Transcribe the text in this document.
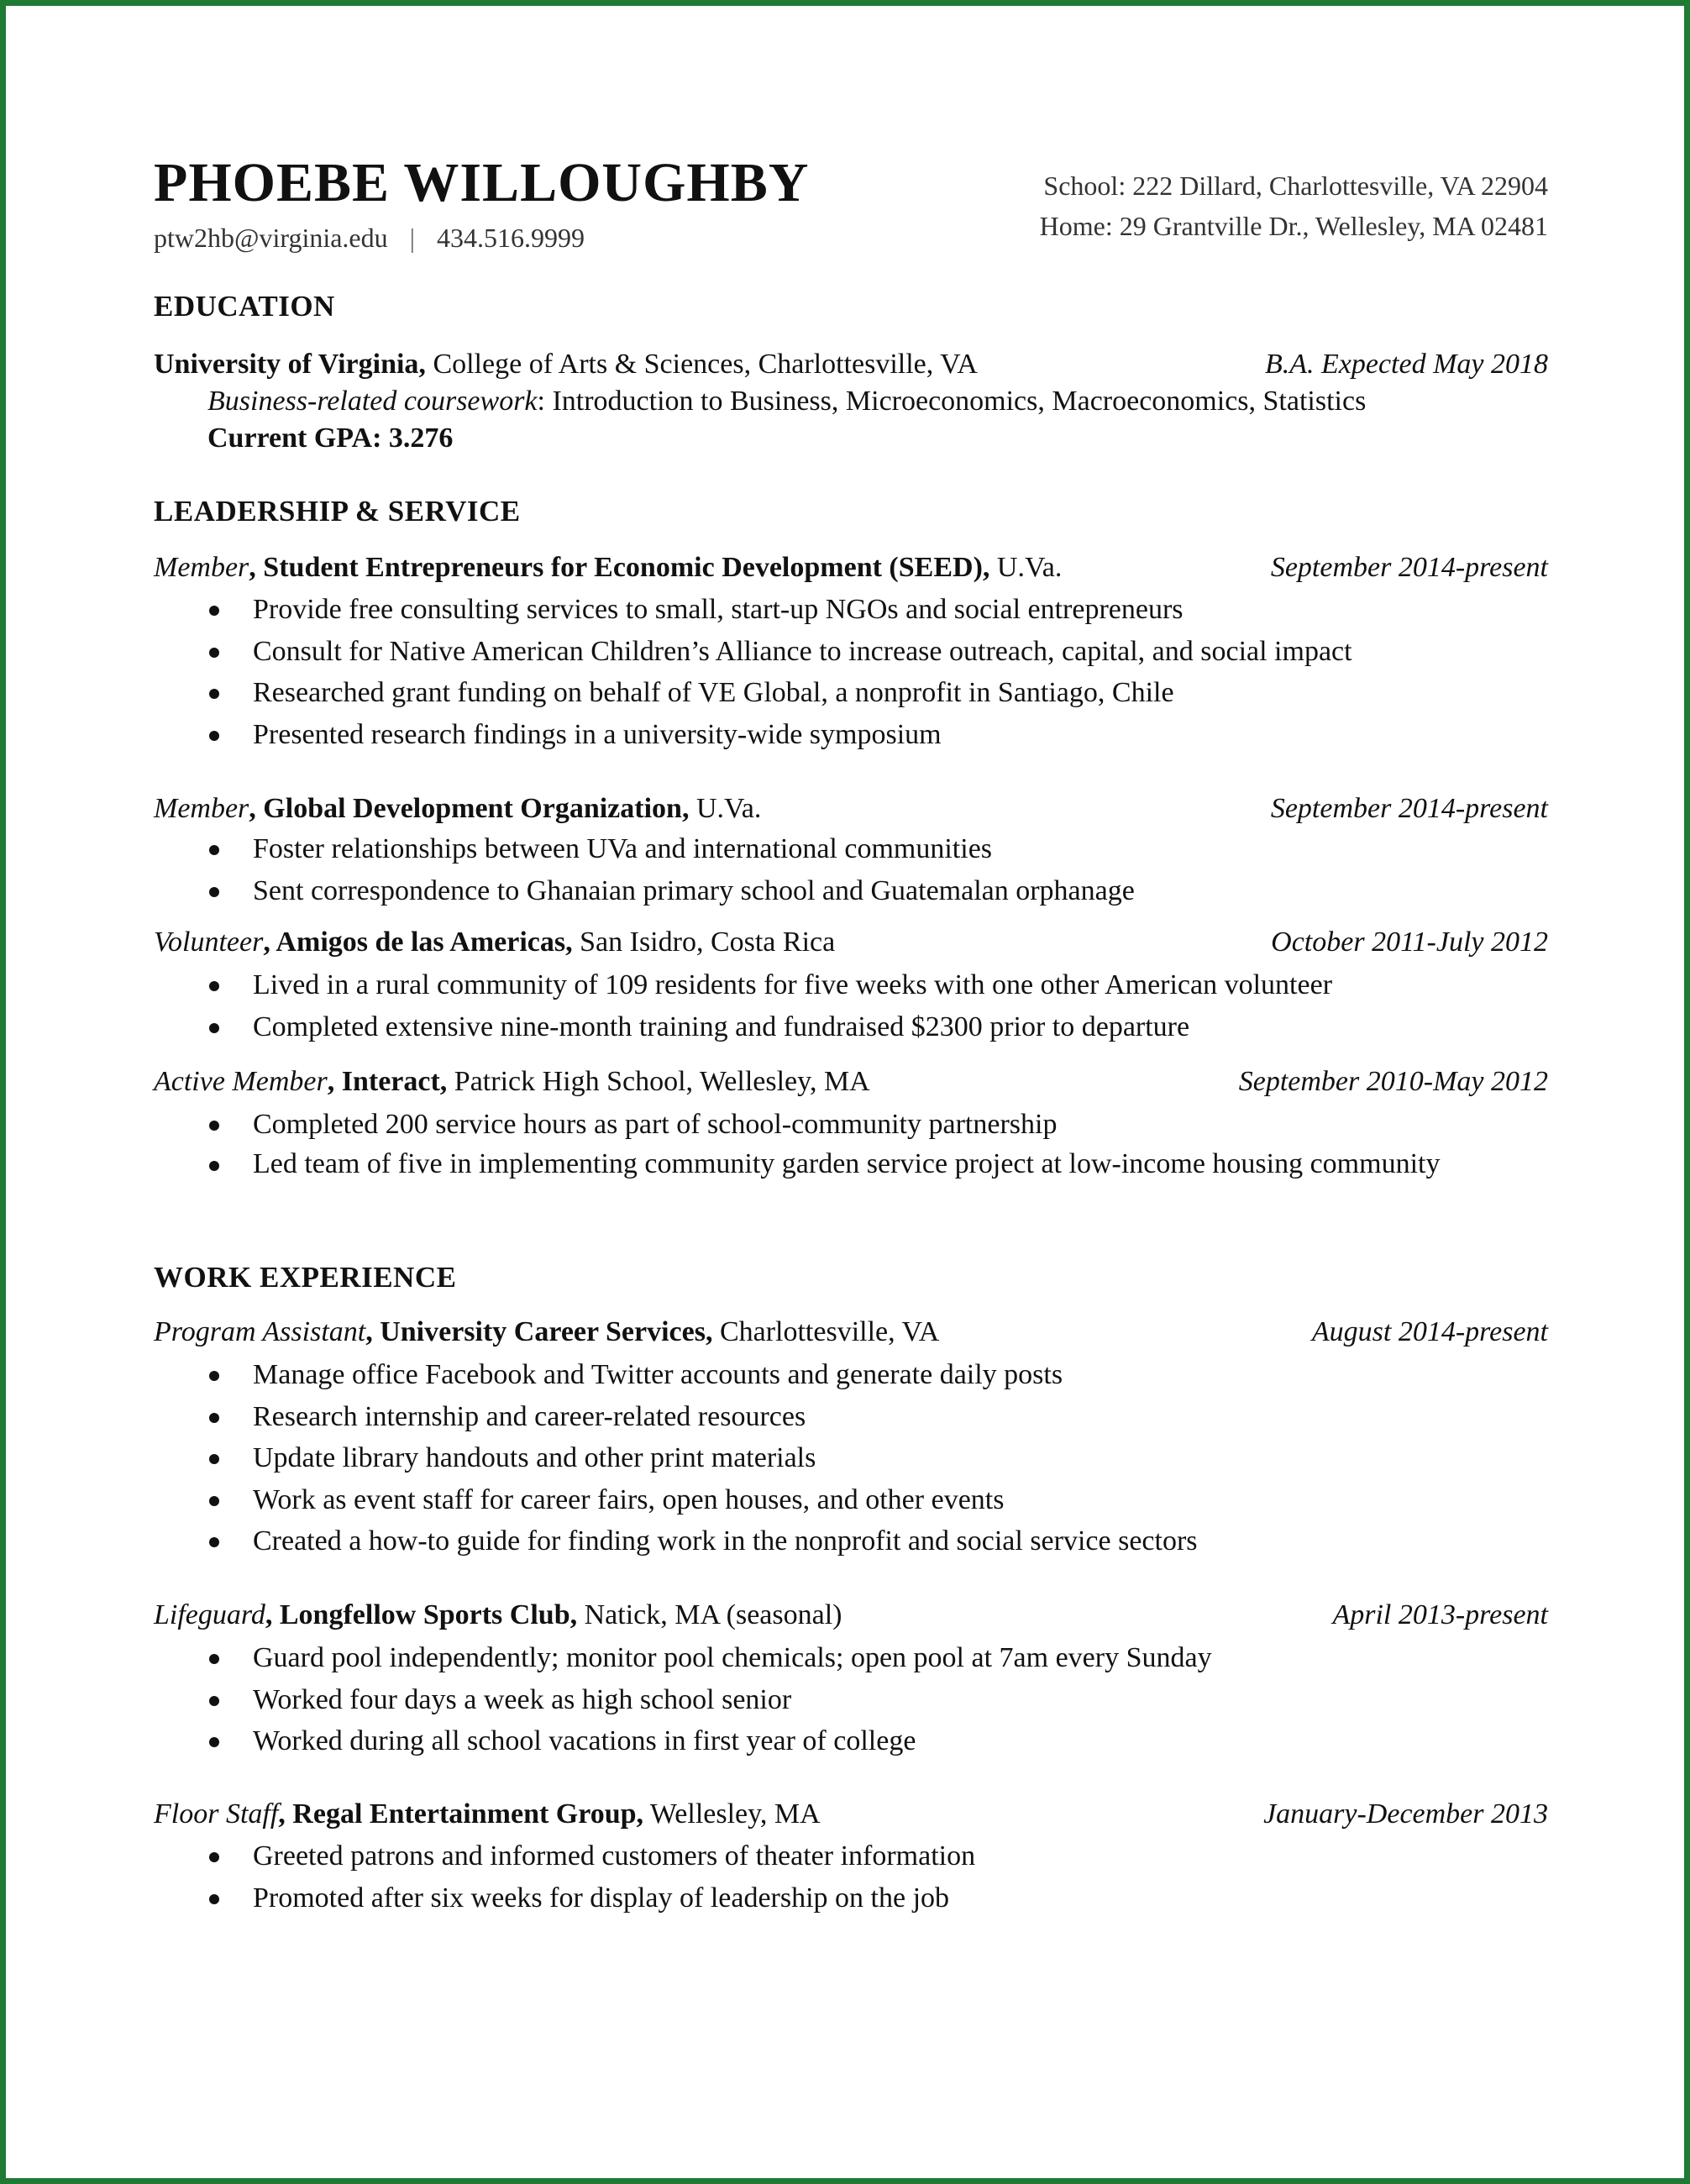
PHOEBE WILLOUGHBY
ptw2hb@virginia.edu | 434.516.9999
School: 222 Dillard, Charlottesville, VA 22904
Home: 29 Grantville Dr., Wellesley, MA 02481
EDUCATION
University of Virginia, College of Arts & Sciences, Charlottesville, VA	B.A. Expected May 2018
Business-related coursework: Introduction to Business, Microeconomics, Macroeconomics, Statistics
Current GPA: 3.276
LEADERSHIP & SERVICE
Member, Student Entrepreneurs for Economic Development (SEED), U.Va.	September 2014-present
Provide free consulting services to small, start-up NGOs and social entrepreneurs
Consult for Native American Children’s Alliance to increase outreach, capital, and social impact
Researched grant funding on behalf of VE Global, a nonprofit in Santiago, Chile
Presented research findings in a university-wide symposium
Member, Global Development Organization, U.Va.	September 2014-present
Foster relationships between UVa and international communities
Sent correspondence to Ghanaian primary school and Guatemalan orphanage
Volunteer, Amigos de las Americas, San Isidro, Costa Rica	October 2011-July 2012
Lived in a rural community of 109 residents for five weeks with one other American volunteer
Completed extensive nine-month training and fundraised $2300 prior to departure
Active Member, Interact, Patrick High School, Wellesley, MA	September 2010-May 2012
Completed 200 service hours as part of school-community partnership
Led team of five in implementing community garden service project at low-income housing community
WORK EXPERIENCE
Program Assistant, University Career Services, Charlottesville, VA	August 2014-present
Manage office Facebook and Twitter accounts and generate daily posts
Research internship and career-related resources
Update library handouts and other print materials
Work as event staff for career fairs, open houses, and other events
Created a how-to guide for finding work in the nonprofit and social service sectors
Lifeguard, Longfellow Sports Club, Natick, MA (seasonal)	April 2013-present
Guard pool independently; monitor pool chemicals; open pool at 7am every Sunday
Worked four days a week as high school senior
Worked during all school vacations in first year of college
Floor Staff, Regal Entertainment Group, Wellesley, MA	January-December 2013
Greeted patrons and informed customers of theater information
Promoted after six weeks for display of leadership on the job
